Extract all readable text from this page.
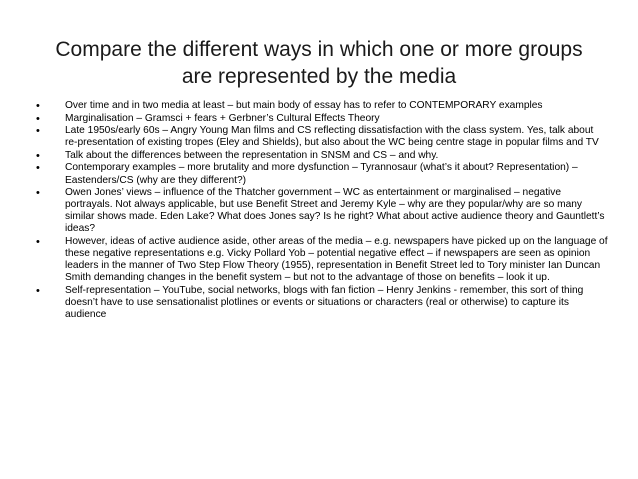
Compare the different ways in which one or more groups are represented by the media
•	Over time and in two media at least – but main body of essay has to refer to CONTEMPORARY examples
•	Marginalisation – Gramsci + fears + Gerbner’s Cultural Effects Theory
•	Late 1950s/early 60s – Angry Young Man films and CS reflecting dissatisfaction with the class system. Yes, talk about re-presentation of existing tropes (Eley and Shields), but also about the WC being centre stage in popular films and TV
•	Talk about the differences between the representation in SNSM and CS – and why.
•	Contemporary examples – more brutality and more dysfunction – Tyrannosaur (what’s it about? Representation) – Eastenders/CS (why are they different?)
•	Owen Jones’ views – influence of the Thatcher government – WC as entertainment or marginalised – negative portrayals. Not always applicable, but use Benefit Street and Jeremy Kyle – why are they popular/why are so many similar shows made. Eden Lake? What does Jones say? Is he right? What about active audience theory and Gauntlett’s ideas?
•	However, ideas of active audience aside, other areas of the media – e.g. newspapers have picked up on the language of these negative representations e.g. Vicky Pollard Yob – potential negative effect – if newspapers are seen as opinion leaders in the manner of Two Step Flow Theory (1955), representation in Benefit Street led to Tory minister Ian Duncan Smith demanding changes in the benefit system – but not to the advantage of those on benefits – look it up.
•	Self-representation – YouTube, social networks, blogs with fan fiction – Henry Jenkins - remember, this sort of thing doesn’t have to use sensationalist plotlines or events or situations or characters (real or otherwise) to capture its audience
